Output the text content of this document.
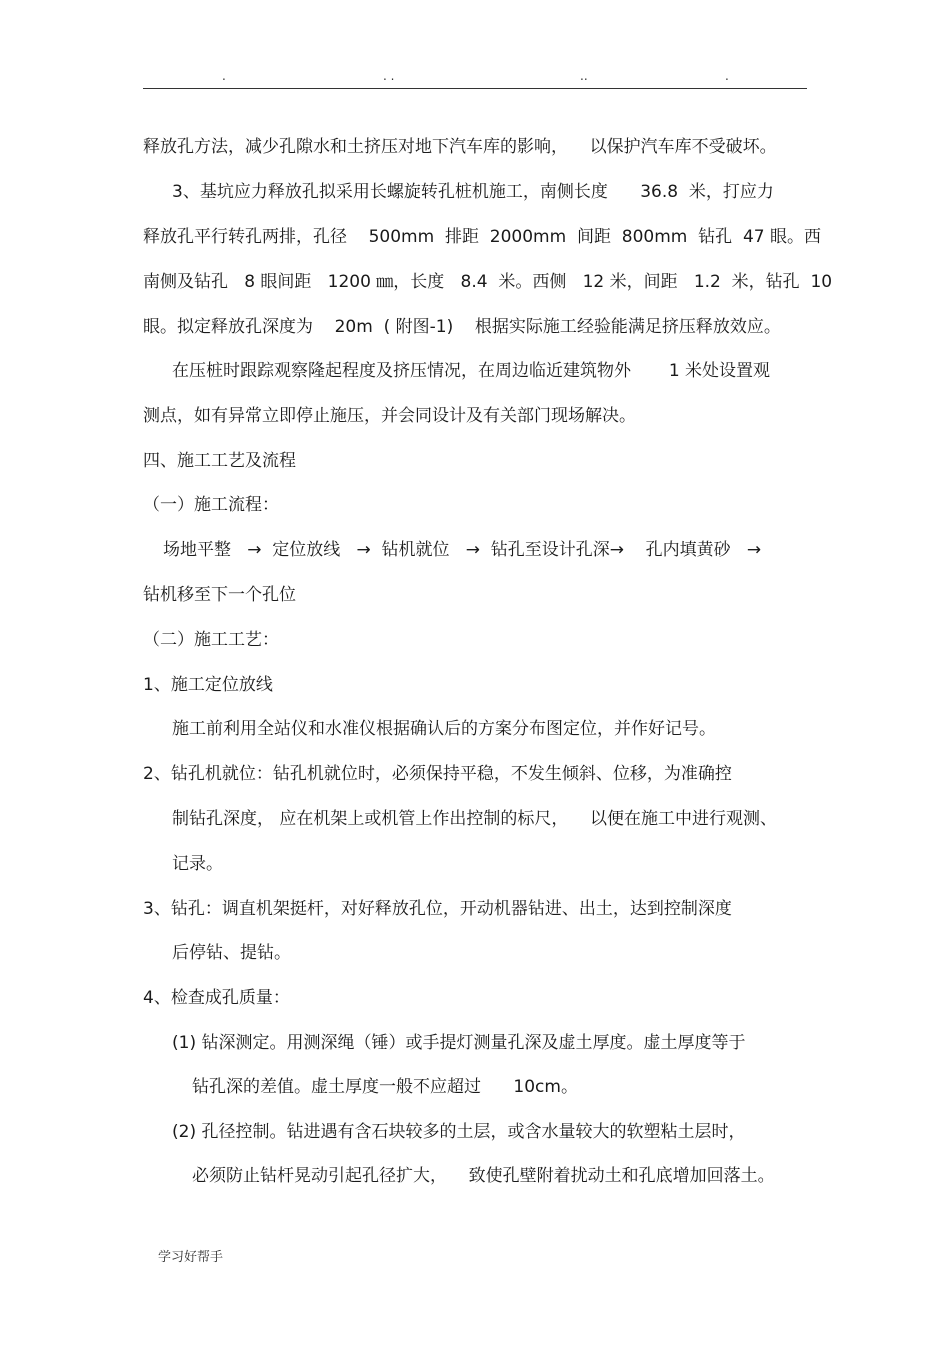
.	. .	..	.
释放孔方法，减少孔隙水和土挤压对地下汽车库的影响，    以保护汽车库不受破坏。
3、基坑应力释放孔拟采用长螺旋转孔桩机施工，南侧长度      36.8  米，打应力
释放孔平行转孔两排，孔径    500mm  排距  2000mm  间距  800mm  钻孔  47 眼。西
南侧及钻孔   8 眼间距   1200 ㎜，长度   8.4  米。西侧   12 米，间距   1.2  米，钻孔  10
眼。拟定释放孔深度为    20m  ( 附图-1)    根据实际施工经验能满足挤压释放效应。
在压桩时跟踪观察隆起程度及挤压情况，在周边临近建筑物外       1 米处设置观
测点，如有异常立即停止施压，并会同设计及有关部门现场解决。
四、施工工艺及流程
（一）施工流程：
场地平整   →  定位放线   →  钻机就位   →  钻孔至设计孔深→    孔内填黄砂   →
钻机移至下一个孔位
（二）施工工艺：
1、施工定位放线
施工前利用全站仪和水准仪根据确认后的方案分布图定位，并作好记号。
2、钻孔机就位：钻孔机就位时，必须保持平稳，不发生倾斜、位移，为准确控
制钻孔深度， 应在机架上或机管上作出控制的标尺，    以便在施工中进行观测、
记录。
3、钻孔：调直机架挺杆，对好释放孔位，开动机器钻进、出土，达到控制深度
后停钻、提钻。
4、检查成孔质量：
(1) 钻深测定。用测深绳（锤）或手提灯测量孔深及虚土厚度。虚土厚度等于
钻孔深的差值。虚土厚度一般不应超过      10cm。
(2) 孔径控制。钻进遇有含石块较多的土层，或含水量较大的软塑粘土层时，
必须防止钻杆晃动引起孔径扩大，    致使孔壁附着扰动土和孔底增加回落土。
学习好帮手
